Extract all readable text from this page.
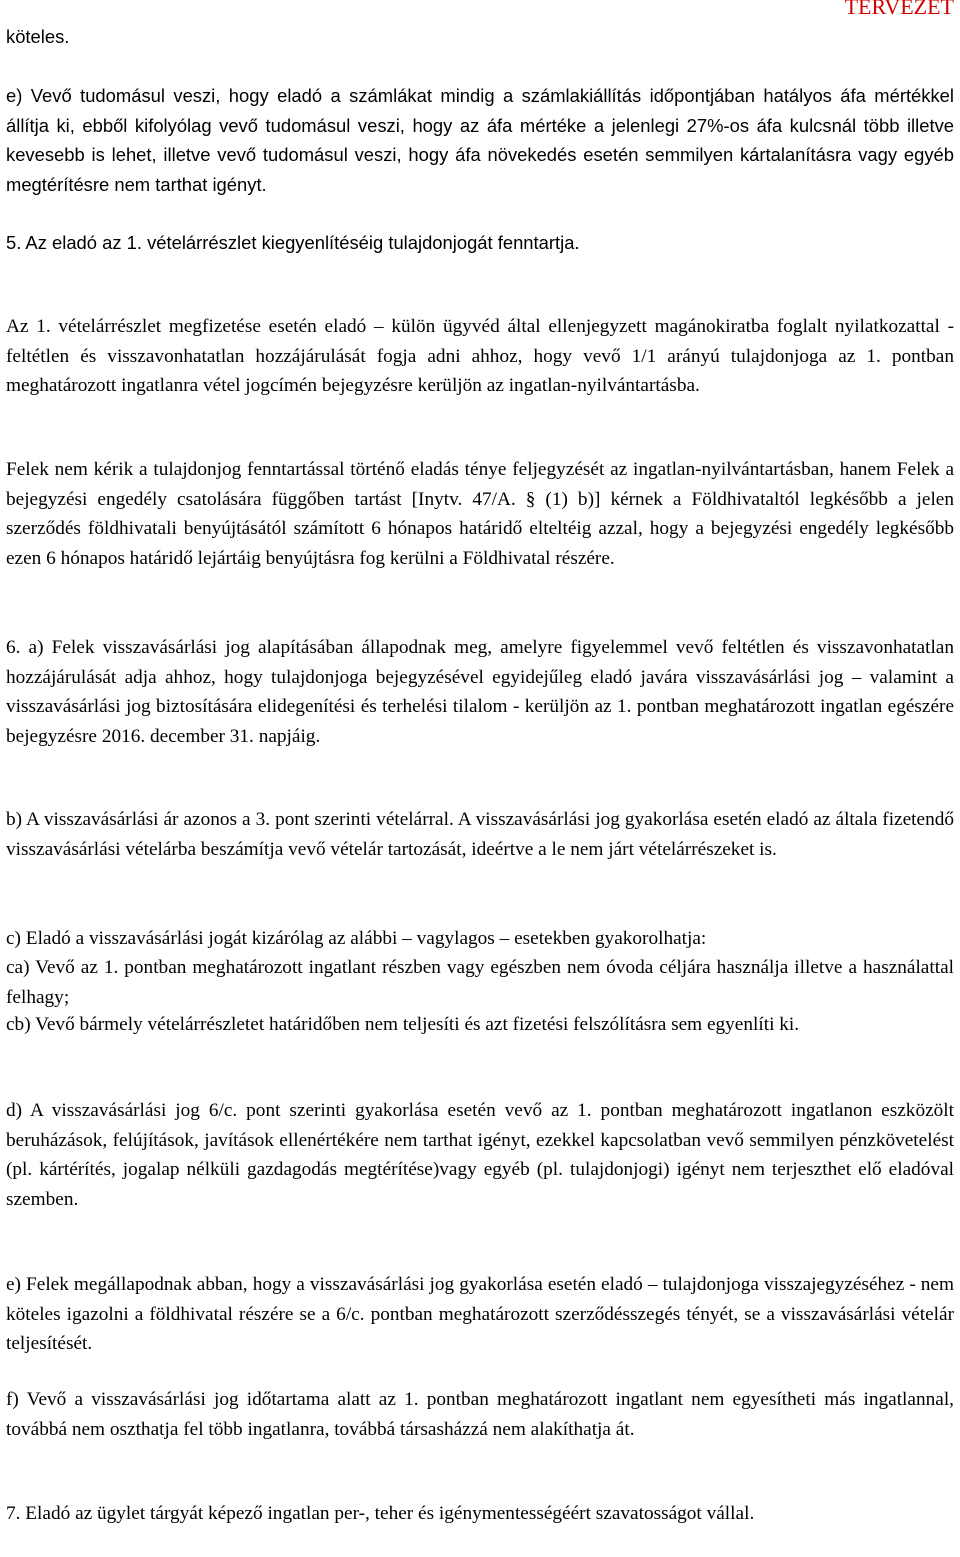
TERVEZET

köteles.

e) Vevő tudomásul veszi, hogy eladó a számlákat mindig a számlakiállítás időpontjában hatályos áfa mértékkel állítja ki, ebből kifolyólag vevő tudomásul veszi, hogy az áfa mértéke a jelenlegi 27%-os áfa kulcsnál több illetve kevesebb is lehet, illetve vevő tudomásul veszi, hogy áfa növekedés esetén semmilyen kártalanításra vagy egyéb megtérítésre nem tarthat igényt.

5. Az eladó az 1. vételárrészlet kiegyenlítéséig tulajdonjogát fenntartja.

Az 1. vételárrészlet megfizetése esetén eladó – külön ügyvéd által ellenjegyzett magánokiratba foglalt nyilatkozattal - feltétlen és visszavonhatatlan hozzájárulását fogja adni ahhoz, hogy vevő 1/1 arányú tulajdonjoga az 1. pontban meghatározott ingatlanra vétel jogcímén bejegyzésre kerüljön az ingatlan-nyilvántartásba.

Felek nem kérik a tulajdonjog fenntartással történő eladás ténye feljegyzését az ingatlan-nyilvántartásban, hanem Felek a bejegyzési engedély csatolására függőben tartást [Inytv. 47/A. § (1) b)] kérnek a Földhivataltól legkésőbb a jelen szerződés földhivatali benyújtásától számított 6 hónapos határidő elteltéig azzal, hogy a bejegyzési engedély legkésőbb ezen 6 hónapos határidő lejártáig benyújtásra fog kerülni a Földhivatal részére.

6. a) Felek visszavásárlási jog alapításában állapodnak meg, amelyre figyelemmel vevő feltétlen és visszavonhatatlan hozzájárulását adja ahhoz, hogy tulajdonjoga bejegyzésével egyidejűleg eladó javára visszavásárlási jog – valamint a visszavásárlási jog biztosítására elidegenítési és terhelési tilalom - kerüljön az 1. pontban meghatározott ingatlan egészére bejegyzésre 2016. december 31. napjáig.

b) A visszavásárlási ár azonos a 3. pont szerinti vételárral. A visszavásárlási jog gyakorlása esetén eladó az általa fizetendő visszavásárlási vételárba beszámítja vevő vételár tartozását, ideértve a le nem járt vételárrészeket is.

c) Eladó a visszavásárlási jogát kizárólag az alábbi – vagylagos – esetekben gyakorolhatja:

ca) Vevő az 1. pontban meghatározott ingatlant részben vagy egészben nem óvoda céljára használja illetve a használattal felhagy;

cb) Vevő bármely vételárrészletet határidőben nem teljesíti és azt fizetési felszólításra sem egyenlíti ki.

d) A visszavásárlási jog 6/c. pont szerinti gyakorlása esetén vevő az 1. pontban meghatározott ingatlanon eszközölt beruházások, felújítások, javítások ellenértékére nem tarthat igényt, ezekkel kapcsolatban vevő semmilyen pénzkövetelést (pl. kártérítés, jogalap nélküli gazdagodás megtérítése)vagy egyéb (pl. tulajdonjogi) igényt nem terjeszthet elő eladóval szemben.

e) Felek megállapodnak abban, hogy a visszavásárlási jog gyakorlása esetén eladó – tulajdonjoga visszajegyzéséhez - nem köteles igazolni a földhivatal részére se a 6/c. pontban meghatározott szerződésszegés tényét, se a visszavásárlási vételár teljesítését.

f) Vevő a visszavásárlási jog időtartama alatt az 1. pontban meghatározott ingatlant nem egyesítheti más ingatlannal, továbbá nem oszthatja fel több ingatlanra, továbbá társasházzá nem alakíthatja át.

7. Eladó az ügylet tárgyát képező ingatlan per-, teher és igénymentességéért szavatosságot vállal.
